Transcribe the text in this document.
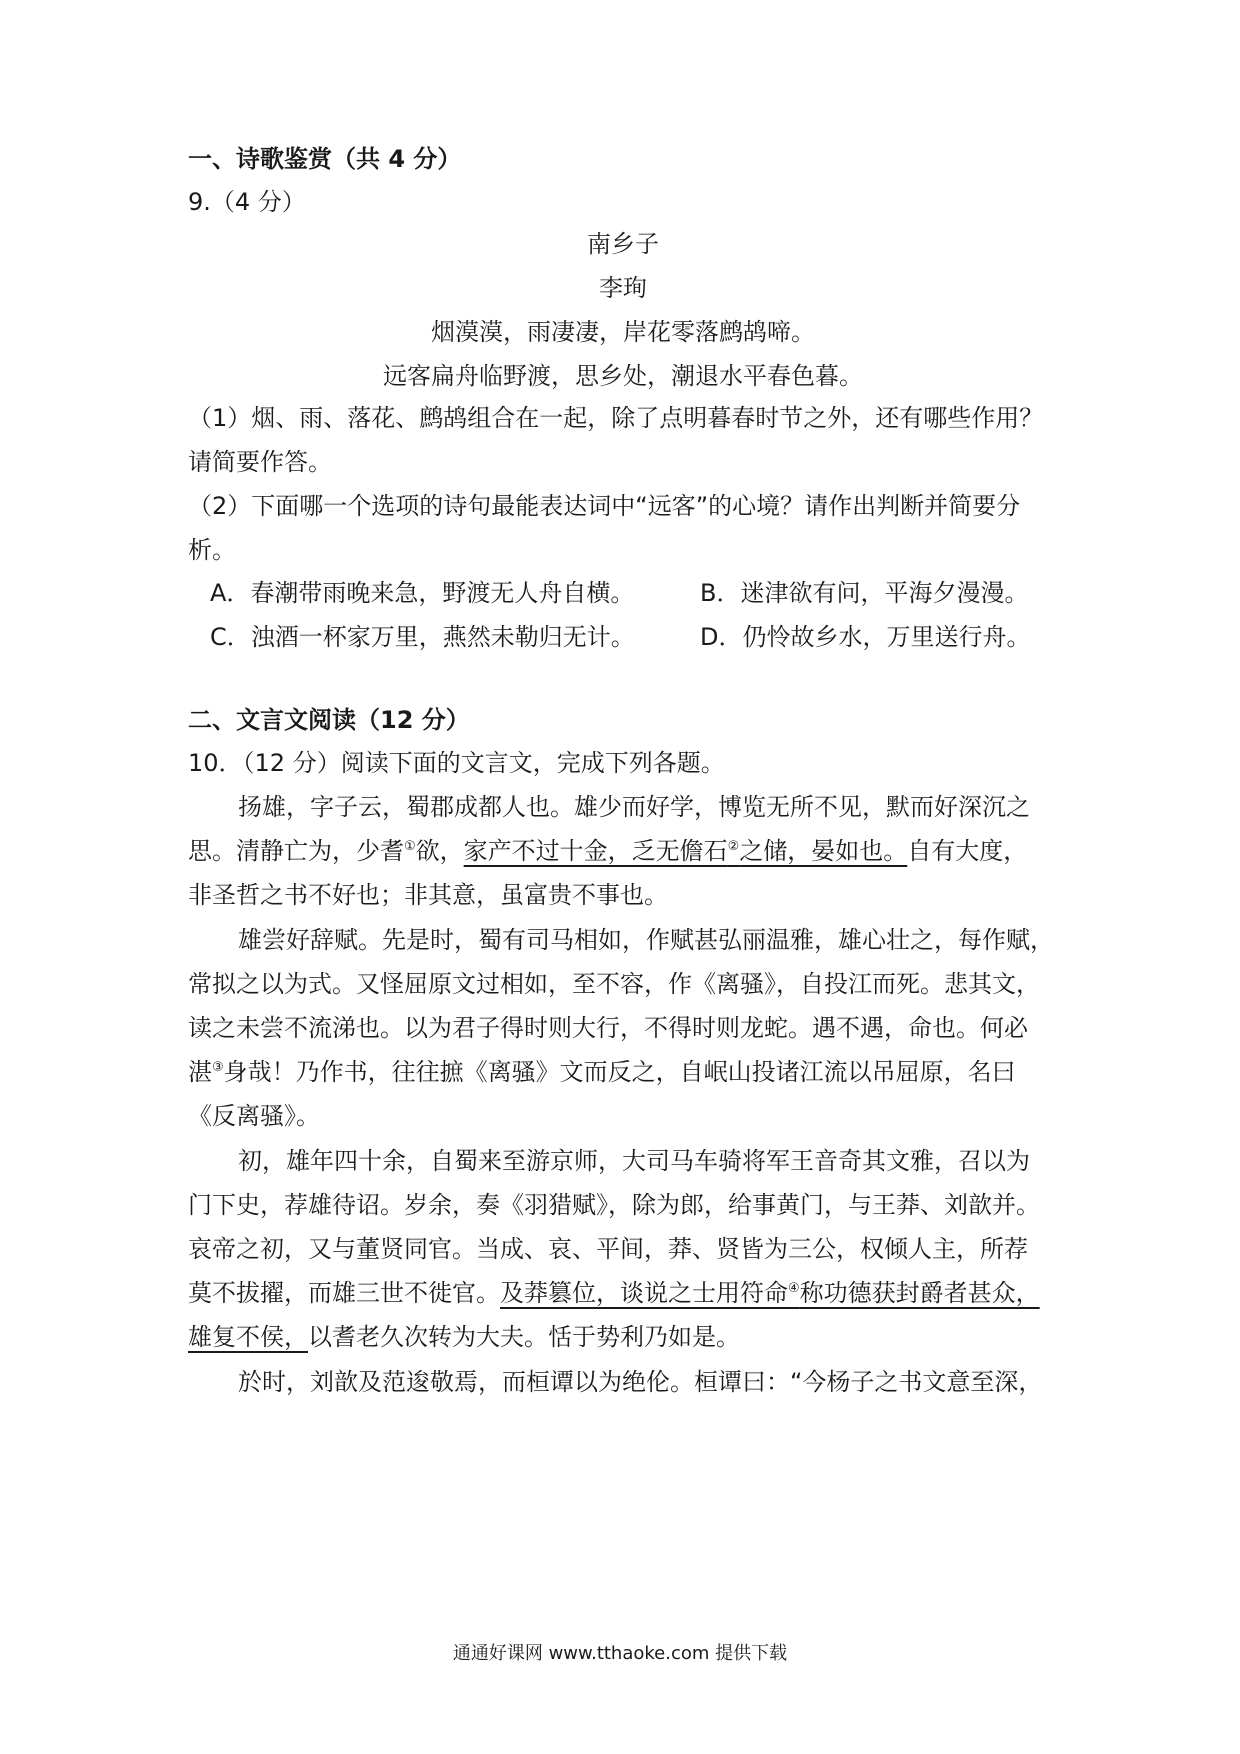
一、诗歌鉴赏（共 4 分）
9.（4 分）
南乡子
李珣
烟漠漠，雨凄凄，岸花零落鹧鸪啼。
远客扁舟临野渡，思乡处，潮退水平春色暮。
（1）烟、雨、落花、鹧鸪组合在一起，除了点明暮春时节之外，还有哪些作用？
请简要作答。
（2）下面哪一个选项的诗句最能表达词中“远客”的心境？请作出判断并简要分
析。
A．春潮带雨晚来急，野渡无人舟自横。	B．迷津欲有问，平海夕漫漫。
C．浊酒一杯家万里，燕然未勒归无计。	D．仍怜故乡水，万里送行舟。
二、文言文阅读（12 分）
10．（12 分）阅读下面的文言文，完成下列各题。
扬雄，字子云，蜀郡成都人也。雄少而好学，博览无所不见，默而好深沉之
思。清静亡为，少耆①欲，家产不过十金，乏无儋石②之储，晏如也。自有大度，
非圣哲之书不好也；非其意，虽富贵不事也。
雄尝好辞赋。先是时，蜀有司马相如，作赋甚弘丽温雅，雄心壮之，每作赋，
常拟之以为式。又怪屈原文过相如，至不容，作《离骚》，自投江而死。悲其文，
读之未尝不流涕也。以为君子得时则大行，不得时则龙蛇。遇不遇，命也。何必
湛③身哉！乃作书，往往摭《离骚》文而反之，自岷山投诸江流以吊屈原，名曰
《反离骚》。
初，雄年四十余，自蜀来至游京师，大司马车骑将军王音奇其文雅，召以为
门下史，荐雄待诏。岁余，奏《羽猎赋》，除为郎，给事黄门，与王莽、刘歆并。
哀帝之初，又与董贤同官。当成、哀、平间，莽、贤皆为三公，权倾人主，所荐
莫不拔擢，而雄三世不徙官。及莽篡位，谈说之士用符命④称功德获封爵者甚众，
雄复不侯，以耆老久次转为大夫。恬于势利乃如是。
於时，刘歆及范逡敬焉，而桓谭以为绝伦。桓谭曰：“今杨子之书文意至深，
通通好课网 www.tthaoke.com 提供下载
